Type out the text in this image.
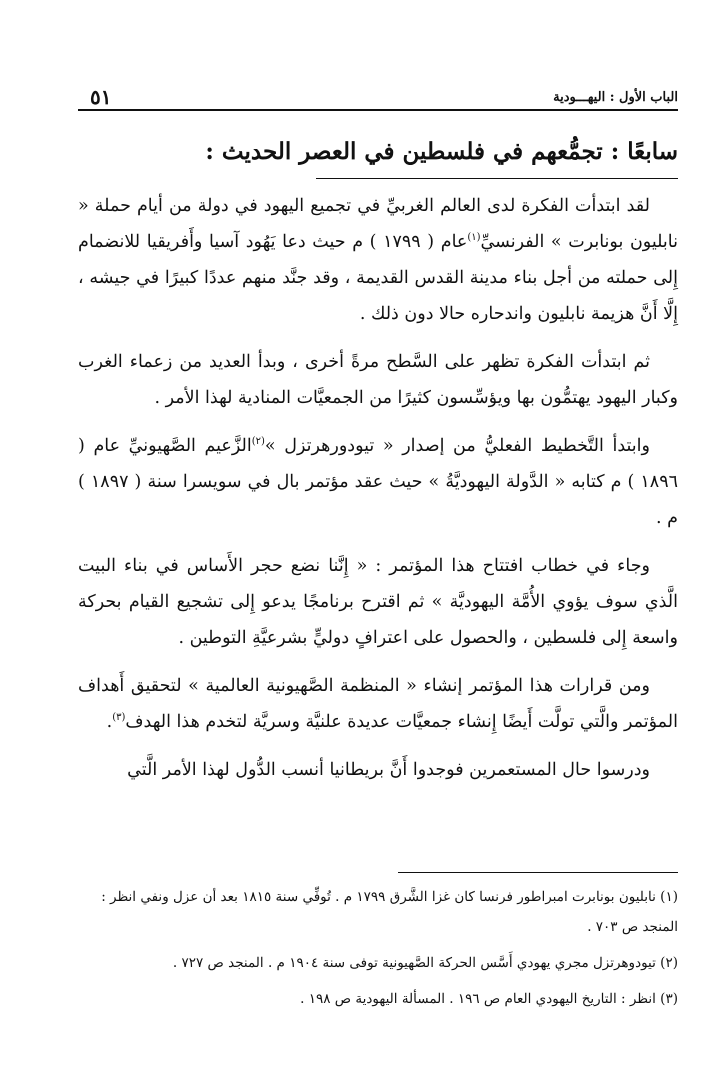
الباب الأول : اليهـــودية
٥١
سابعًا : تجمُّعهم في فلسطين في العصر الحديث :

لقد ابتدأت الفكرة لدى العالم الغربيِّ في تجميع اليهود في دولة من أيام حملة « نابليون بونابرت » الفرنسيِّ$^{(١)}$عام ( ١٧٩٩ ) م حيث دعا يَهُود آسيا وأَفريقيا للانضمام إِلى حملته من أجل بناء مدينة القدس القديمة ، وقد جنَّد منهم عددًا كبيرًا في جيشه ، إِلَّا أَنَّ هزيمة نابليون واندحاره حالا دون ذلك .

ثم ابتدأت الفكرة تظهر على السَّطح مرةً أخرى ، وبدأ العديد من زعماء الغرب وكبار اليهود يهتمُّون بها ويؤسِّسون كثيرًا من الجمعيَّات المنادية لهذا الأمر .

وابتدأ التَّخطيط الفعليُّ من إصدار « تيودورهرتزل »$^{(٢)}$الزَّعيم الصَّهيونيِّ عام ( ١٨٩٦ ) م كتابه « الدَّولة اليهوديَّةُ » حيث عقد مؤتمر بال في سويسرا سنة ( ١٨٩٧ ) م .

وجاء في خطاب افتتاح هذا المؤتمر : « إِنَّنا نضع حجر الأَساس في بناء البيت الَّذي سوف يؤوي الأُمَّة اليهوديَّة » ثم اقترح برنامجًا يدعو إِلى تشجيع القيام بحركة واسعة إِلى فلسطين ، والحصول على اعترافٍ دوليٍّ بشرعيَّةِ التوطين .

ومن قرارات هذا المؤتمر إنشاء « المنظمة الصَّهيونية العالمية » لتحقيق أَهداف المؤتمر والَّتي تولَّت أَيضًا إِنشاء جمعيَّات عديدة علنيَّة وسريَّة لتخدم هذا الهدف$^{(٣)}$.

ودرسوا حال المستعمرين فوجدوا أَنَّ بريطانيا أنسب الدُّول لهذا الأمر الَّتي

(١) نابليون بونابرت امبراطور فرنسا كان غزا الشَّرق ١٧٩٩ م . تُوفِّي سنة ١٨١٥ بعد أن عزل ونفي انظر : المنجد ص ٧٠٣ .

(٢) تيودوهرتزل مجري يهودي أَسَّس الحركة الصَّهيونية توفى سنة ١٩٠٤ م . المنجد ص ٧٢٧ .

(٣) انظر : التاريخ اليهودي العام ص ١٩٦ . المسألة اليهودية ص ١٩٨ .
